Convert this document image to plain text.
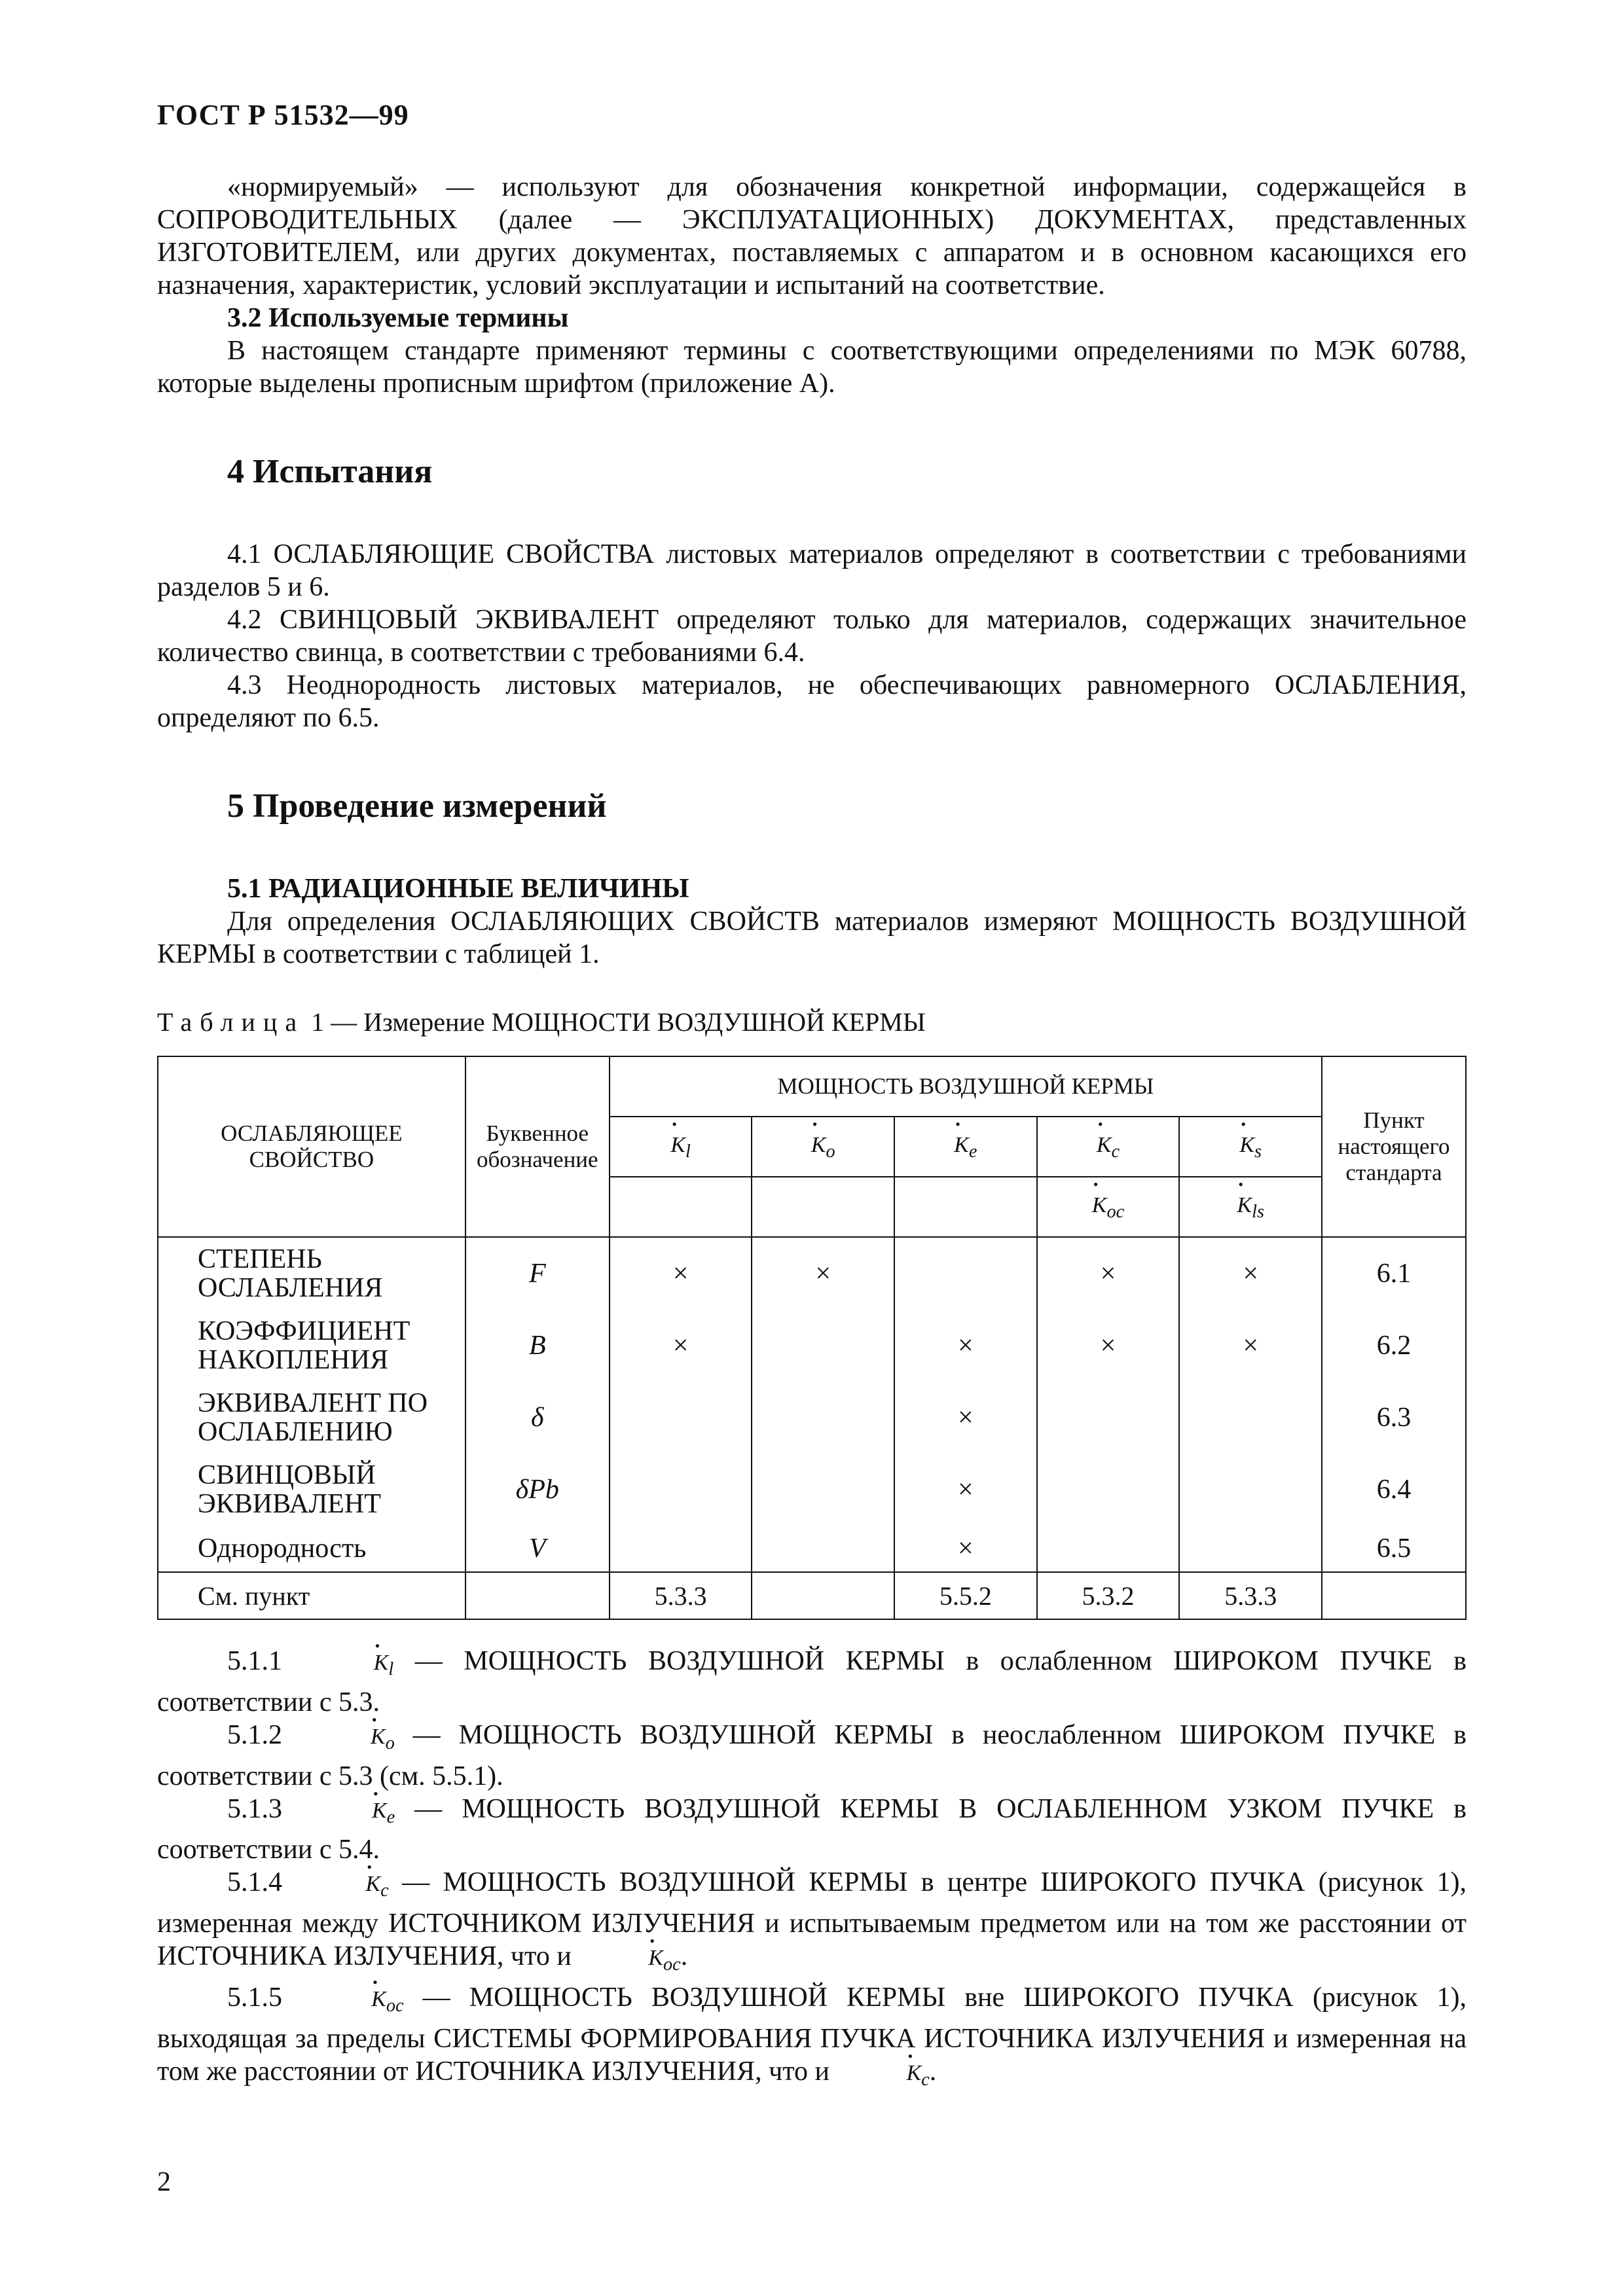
ГОСТ Р 51532—99

«нормируемый» — используют для обозначения конкретной информации, содержащейся в СОПРОВОДИТЕЛЬНЫХ (далее — ЭКСПЛУАТАЦИОННЫХ) ДОКУМЕНТАХ, представленных ИЗГОТОВИТЕЛЕМ, или других документах, поставляемых с аппаратом и в основном касающихся его назначения, характеристик, условий эксплуатации и испытаний на соответствие.

3.2 Используемые термины

В настоящем стандарте применяют термины с соответствующими определениями по МЭК 60788, которые выделены прописным шрифтом (приложение А).

4 Испытания

4.1 ОСЛАБЛЯЮЩИЕ СВОЙСТВА листовых материалов определяют в соответствии с требованиями разделов 5 и 6.

4.2 СВИНЦОВЫЙ ЭКВИВАЛЕНТ определяют только для материалов, содержащих значительное количество свинца, в соответствии с требованиями 6.4.

4.3 Неоднородность листовых материалов, не обеспечивающих равномерного ОСЛАБЛЕНИЯ, определяют по 6.5.

5 Проведение измерений

5.1 РАДИАЦИОННЫЕ ВЕЛИЧИНЫ

Для определения ОСЛАБЛЯЮЩИХ СВОЙСТВ материалов измеряют МОЩНОСТЬ ВОЗДУШНОЙ КЕРМЫ в соответствии с таблицей 1.

Таблица 1 — Измерение МОЩНОСТИ ВОЗДУШНОЙ КЕРМЫ
ОСЛАБЛЯЮЩЕЕ СВОЙСТВО	Буквенное обозначение	МОЩНОСТЬ ВОЗДУШНОЙ КЕРМЫ					Пункт настоящего стандарта
		• $K_l$	• $K_o$	• $K_e$	• $K_c$	• $K_s$
					• $K_{oc}$	• $K_{ls}$
СТЕПЕНЬ ОСЛАБЛЕНИЯ	F	×	×		×	×	6.1
КОЭФФИЦИЕНТ НАКОПЛЕНИЯ	B	×		×	×	×	6.2
ЭКВИВАЛЕНТ ПО ОСЛАБЛЕНИЮ	δ			×			6.3
СВИНЦОВЫЙ ЭКВИВАЛЕНТ	δPb			×			6.4
Однородность	V			×			6.5
См. пункт		5.3.3		5.5.2	5.3.2	5.3.3	

5.1.1	• $K_l$ — МОЩНОСТЬ ВОЗДУШНОЙ КЕРМЫ в ослабленном ШИРОКОМ ПУЧКЕ в соответствии с 5.3.

5.1.2	• $K_o$ — МОЩНОСТЬ ВОЗДУШНОЙ КЕРМЫ в неослабленном ШИРОКОМ ПУЧКЕ в соответствии с 5.3 (см. 5.5.1).

5.1.3	• $K_e$ — МОЩНОСТЬ ВОЗДУШНОЙ КЕРМЫ В ОСЛАБЛЕННОМ УЗКОМ ПУЧКЕ в соответствии с 5.4.

5.1.4	• $K_c$ — МОЩНОСТЬ ВОЗДУШНОЙ КЕРМЫ в центре ШИРОКОГО ПУЧКА (рисунок 1), измеренная между ИСТОЧНИКОМ ИЗЛУЧЕНИЯ и испытываемым предметом или на том же расстоянии от ИСТОЧНИКА ИЗЛУЧЕНИЯ, что и	• $K_{oc}$.

5.1.5	• $K_{oc}$ — МОЩНОСТЬ ВОЗДУШНОЙ КЕРМЫ вне ШИРОКОГО ПУЧКА (рисунок 1), выходящая за пределы СИСТЕМЫ ФОРМИРОВАНИЯ ПУЧКА ИСТОЧНИКА ИЗЛУЧЕНИЯ и измеренная на том же расстоянии от ИСТОЧНИКА ИЗЛУЧЕНИЯ, что и	• $K_c$.

2
